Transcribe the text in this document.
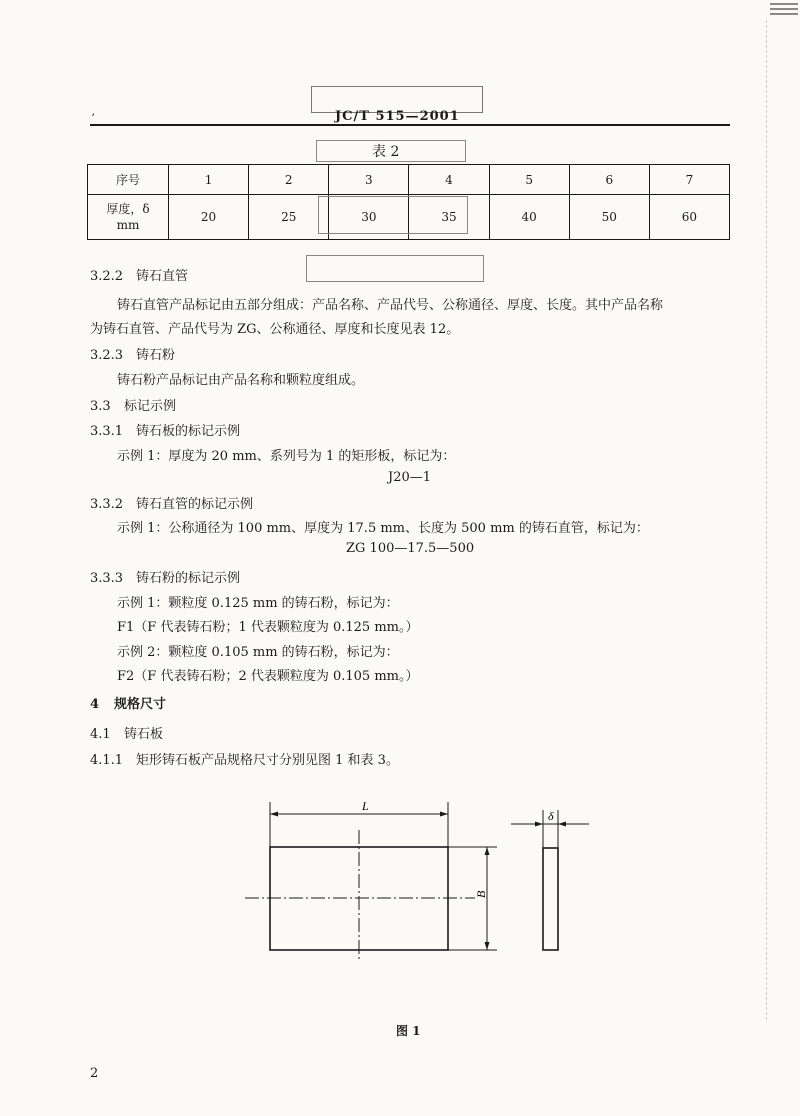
ʼ	JC/T 515—2001
表 2
序号	1	2	3	4	5	6	7
厚度，δ
mm	20	25	30	35	40	50	60
3.2.2 铸石直管
铸石直管产品标记由五部分组成：产品名称、产品代号、公称通径、厚度、长度。其中产品名称
为铸石直管、产品代号为 ZG、公称通径、厚度和长度见表 12。
3.2.3 铸石粉
铸石粉产品标记由产品名称和颗粒度组成。
3.3 标记示例
3.3.1 铸石板的标记示例
示例 1：厚度为 20 mm、系列号为 1 的矩形板，标记为：
J20—1
3.3.2 铸石直管的标记示例
示例 1：公称通径为 100 mm、厚度为 17.5 mm、长度为 500 mm 的铸石直管，标记为：
ZG 100—17.5—500
3.3.3 铸石粉的标记示例
示例 1：颗粒度 0.125 mm 的铸石粉，标记为：
F1（F 代表铸石粉；1 代表颗粒度为 0.125 mm。）
示例 2：颗粒度 0.105 mm 的铸石粉，标记为：
F2（F 代表铸石粉；2 代表颗粒度为 0.105 mm。）
4 规格尺寸
4.1 铸石板
4.1.1 矩形铸石板产品规格尺寸分别见图 1 和表 3。
L
B
δ
图 1
2
